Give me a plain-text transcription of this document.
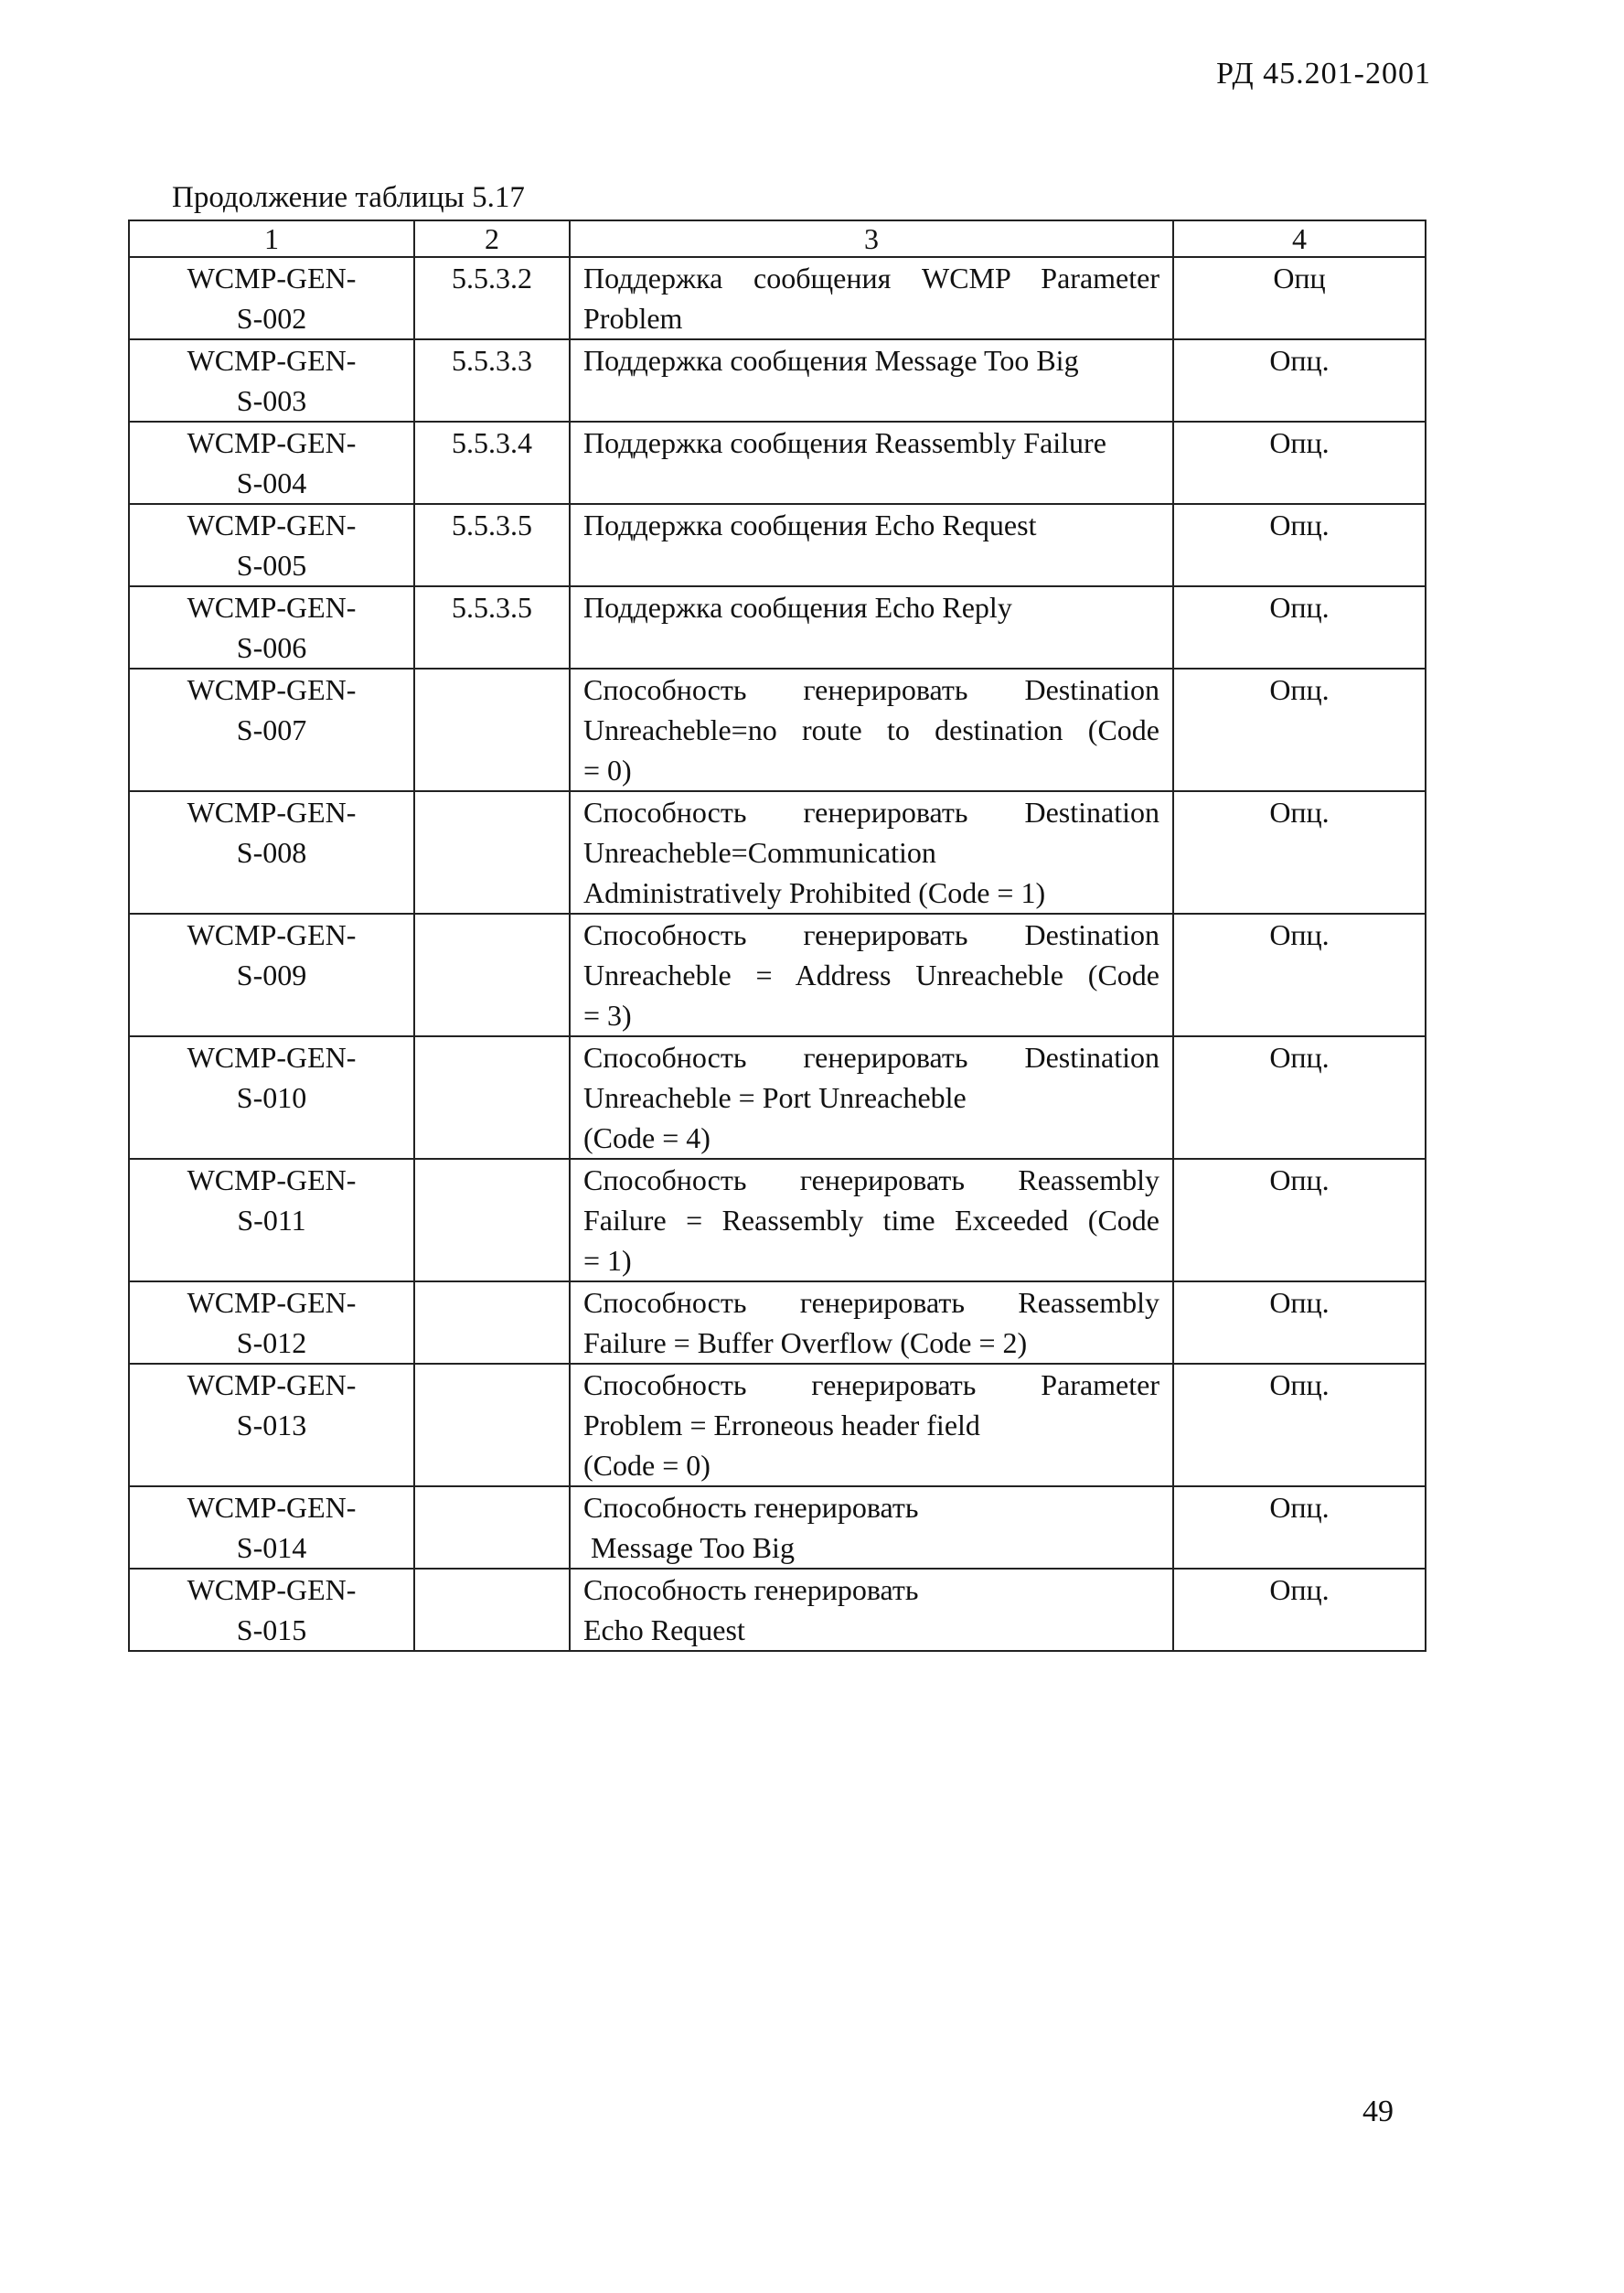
РД 45.201-2001
Продолжение таблицы 5.17
1	2	3	4

WCMP-GEN-
S-002	5.5.3.2	Поддержка сообщения WCMP Parameter
Problem	Опц

WCMP-GEN-
S-003	5.5.3.3	Поддержка сообщения Message Too Big	Опц.

WCMP-GEN-
S-004	5.5.3.4	Поддержка сообщения Reassembly Failure	Опц.

WCMP-GEN-
S-005	5.5.3.5	Поддержка сообщения Echo Request	Опц.

WCMP-GEN-
S-006	5.5.3.5	Поддержка сообщения Echo Reply	Опц.

WCMP-GEN-
S-007		Способность генерировать Destination
Unreacheble=no route to destination (Code
= 0)	Опц.

WCMP-GEN-
S-008		Способность генерировать Destination
Unreacheble=Communication
Administratively Prohibited (Code = 1)	Опц.

WCMP-GEN-
S-009		Способность генерировать Destination
Unreacheble = Address Unreacheble (Code
= 3)	Опц.

WCMP-GEN-
S-010		Способность генерировать Destination
Unreacheble = Port Unreacheble
(Code = 4)	Опц.

WCMP-GEN-
S-011		Способность генерировать Reassembly
Failure = Reassembly time Exceeded (Code
= 1)	Опц.

WCMP-GEN-
S-012		Способность генерировать Reassembly
Failure = Buffer Overflow (Code = 2)	Опц.

WCMP-GEN-
S-013		Способность генерировать Parameter
Problem = Erroneous header field
(Code = 0)	Опц.

WCMP-GEN-
S-014		Способность генерировать
Message Too Big	Опц.

WCMP-GEN-
S-015		Способность генерировать
Echo Request	Опц.
49
